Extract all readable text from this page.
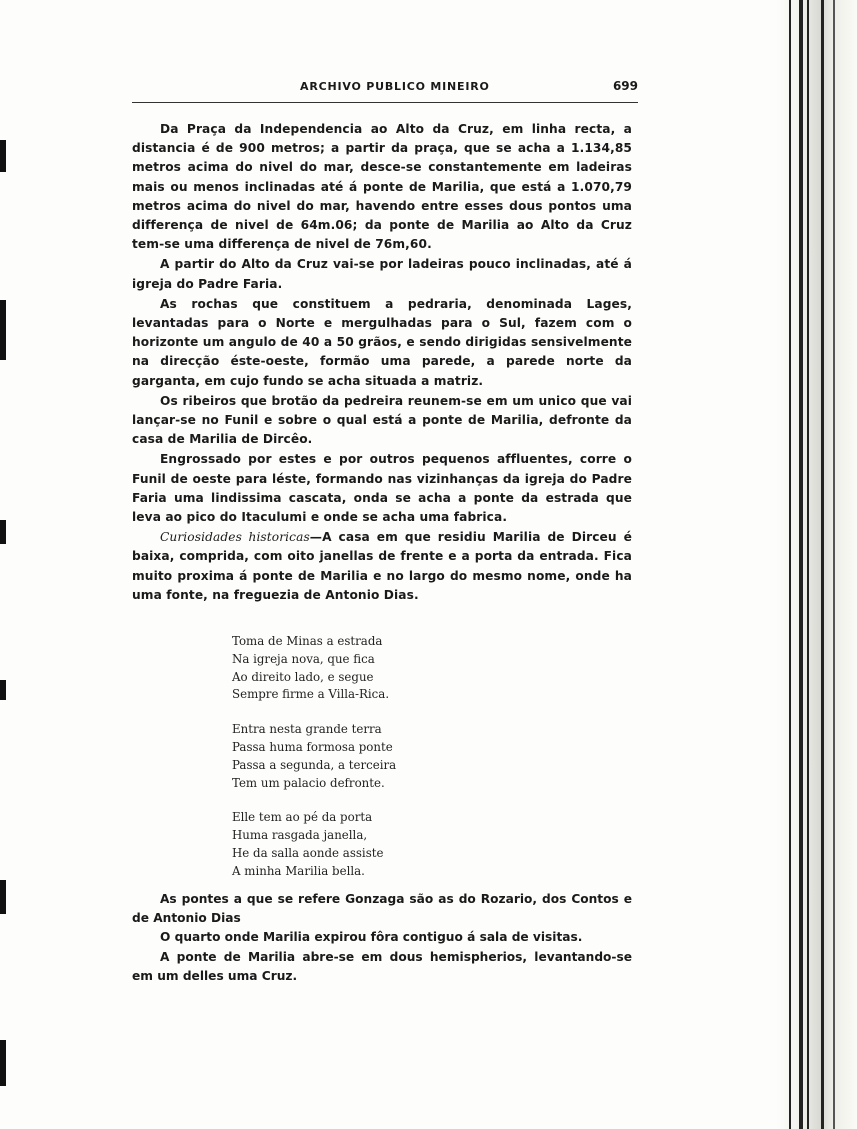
ARCHIVO PUBLICO MINEIRO	699

Da Praça da Independencia ao Alto da Cruz, em linha recta, a distancia é de 900 metros; a partir da praça, que se acha a 1.134,85 metros acima do nivel do mar, desce-se constantemente em ladeiras mais ou menos inclinadas até á ponte de Marilia, que está a 1.070,79 metros acima do nivel do mar, havendo entre esses dous pontos uma differença de nivel de 64m.06; da ponte de Marilia ao Alto da Cruz tem-se uma differença de nivel de 76m,60.

A partir do Alto da Cruz vai-se por ladeiras pouco inclinadas, até á igreja do Padre Faria.

As rochas que constituem a pedraria, denominada Lages, levantadas para o Norte e mergulhadas para o Sul, fazem com o horizonte um angulo de 40 a 50 grãos, e sendo dirigidas sensivelmente na direcção éste-oeste, formão uma parede, a parede norte da garganta, em cujo fundo se acha situada a matriz.

Os ribeiros que brotão da pedreira reunem-se em um unico que vai lançar-se no Funil e sobre o qual está a ponte de Marilia, defronte da casa de Marilia de Dircêo.

Engrossado por estes e por outros pequenos affluentes, corre o Funil de oeste para léste, formando nas vizinhanças da igreja do Padre Faria uma lindissima cascata, onda se acha a ponte da estrada que leva ao pico do Itaculumi e onde se acha uma fabrica.

Curiosidades historicas—A casa em que residiu Marilia de Dirceu é baixa, comprida, com oito janellas de frente e a porta da entrada. Fica muito proxima á ponte de Marilia e no largo do mesmo nome, onde ha uma fonte, na freguezia de Antonio Dias.

Toma de Minas a estrada
Na igreja nova, que fica
Ao direito lado, e segue
Sempre firme a Villa-Rica.
Entra nesta grande terra
Passa huma formosa ponte
Passa a segunda, a terceira
Tem um palacio defronte.
Elle tem ao pé da porta
Huma rasgada janella,
He da salla aonde assiste
A minha Marilia bella.

As pontes a que se refere Gonzaga são as do Rozario, dos Contos e de Antonio Dias

O quarto onde Marilia expirou fôra contiguo á sala de visitas.

A ponte de Marilia abre-se em dous hemispherios, levantando-se em um delles uma Cruz.
